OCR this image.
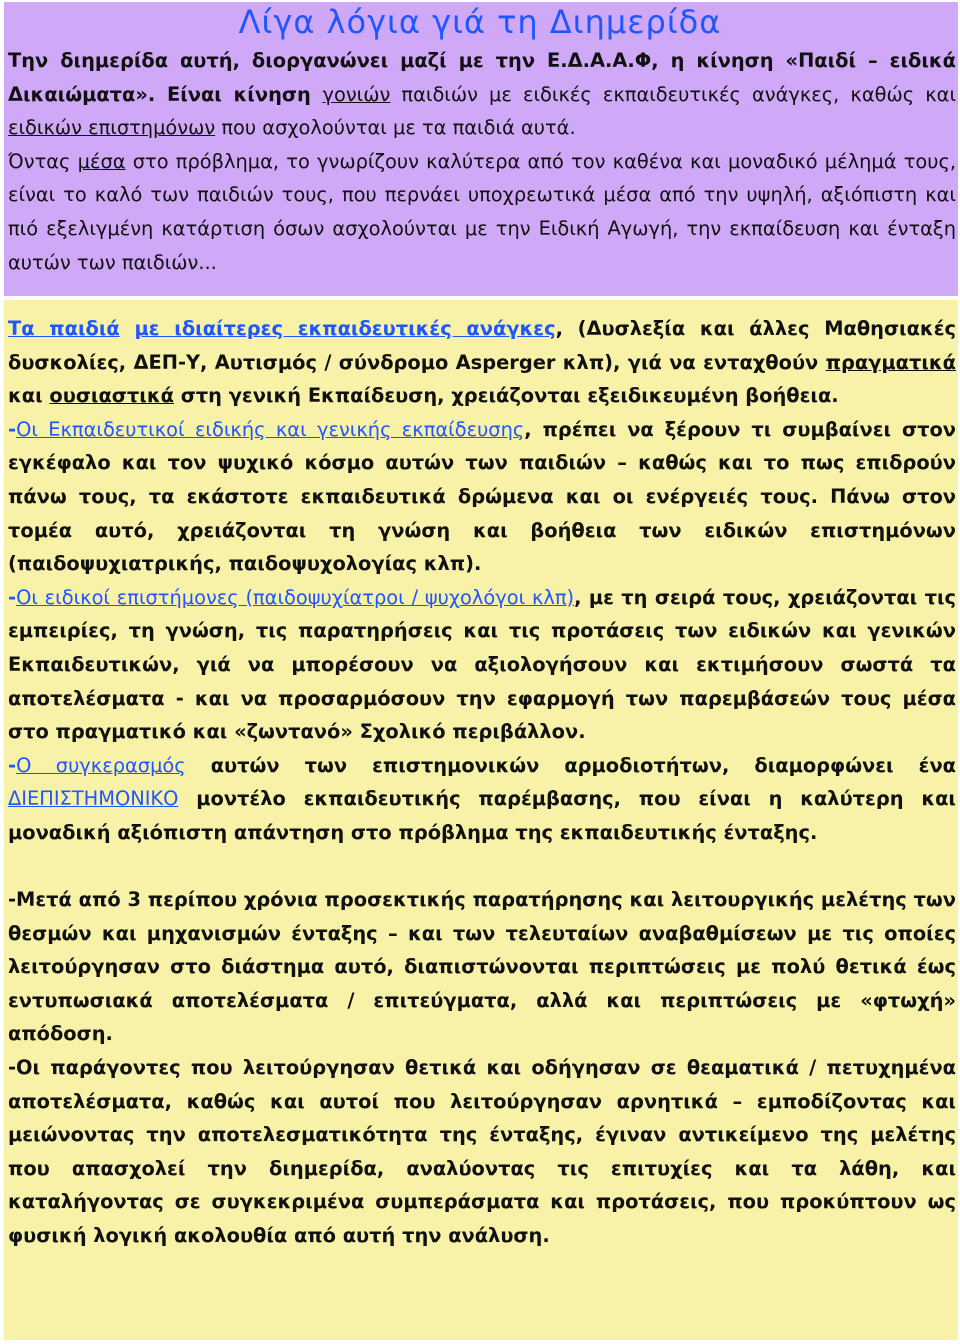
Λίγα λόγια γιά τη Διημερίδα

Την διημερίδα αυτή, διοργανώνει μαζί με την Ε.Δ.Α.Α.Φ, η κίνηση «Παιδί – ειδικά Δικαιώματα». Είναι κίνηση γονιών παιδιών με ειδικές εκπαιδευτικές ανάγκες, καθώς και ειδικών επιστημόνων που ασχολούνται με τα παιδιά αυτά.

Όντας μέσα στο πρόβλημα, το γνωρίζουν καλύτερα από τον καθένα και μοναδικό μέλημά τους, είναι το καλό των παιδιών τους, που περνάει υποχρεωτικά μέσα από την υψηλή, αξιόπιστη και πιό εξελιγμένη κατάρτιση όσων ασχολούνται με την Ειδική Αγωγή, την εκπαίδευση και ένταξη αυτών των παιδιών...

Τα παιδιά με ιδιαίτερες εκπαιδευτικές ανάγκες, (Δυσλεξία και άλλες Μαθησιακές δυσκολίες, ΔΕΠ-Υ, Αυτισμός / σύνδρομο Asperger κλπ), γιά να ενταχθούν πραγματικά και ουσιαστικά στη γενική Εκπαίδευση, χρειάζονται εξειδικευμένη βοήθεια.

-Οι Εκπαιδευτικοί ειδικής και γενικής εκπαίδευσης, πρέπει να ξέρουν τι συμβαίνει στον εγκέφαλο και τον ψυχικό κόσμο αυτών των παιδιών – καθώς και το πως επιδρούν πάνω τους, τα εκάστοτε εκπαιδευτικά δρώμενα και οι ενέργειές τους. Πάνω στον τομέα αυτό, χρειάζονται τη γνώση και βοήθεια των ειδικών επιστημόνων (παιδοψυχιατρικής, παιδοψυχολογίας κλπ).

-Οι ειδικοί επιστήμονες (παιδοψυχίατροι / ψυχολόγοι κλπ), με τη σειρά τους, χρειάζονται τις εμπειρίες, τη γνώση, τις παρατηρήσεις και τις προτάσεις των ειδικών και γενικών Εκπαιδευτικών, γιά να μπορέσουν να αξιολογήσουν και εκτιμήσουν σωστά τα αποτελέσματα - και να προσαρμόσουν την εφαρμογή των παρεμβάσεών τους μέσα στο πραγματικό και «ζωντανό» Σχολικό περιβάλλον.

-Ο συγκερασμός αυτών των επιστημονικών αρμοδιοτήτων, διαμορφώνει ένα ΔΙΕΠΙΣΤΗΜΟΝΙΚΟ μοντέλο εκπαιδευτικής παρέμβασης, που είναι η καλύτερη και μοναδική αξιόπιστη απάντηση στο πρόβλημα της εκπαιδευτικής ένταξης.

-Μετά από 3 περίπου χρόνια προσεκτικής παρατήρησης και λειτουργικής μελέτης των θεσμών και μηχανισμών ένταξης – και των τελευταίων αναβαθμίσεων με τις οποίες λειτούργησαν στο διάστημα αυτό, διαπιστώνονται περιπτώσεις με πολύ θετικά έως εντυπωσιακά αποτελέσματα / επιτεύγματα, αλλά και περιπτώσεις με «φτωχή» απόδοση.

-Οι παράγοντες που λειτούργησαν θετικά και οδήγησαν σε θεαματικά / πετυχημένα αποτελέσματα, καθώς και αυτοί που λειτούργησαν αρνητικά – εμποδίζοντας και μειώνοντας την αποτελεσματικότητα της ένταξης, έγιναν αντικείμενο της μελέτης που απασχολεί την διημερίδα, αναλύοντας τις επιτυχίες και τα λάθη, και καταλήγοντας σε συγκεκριμένα συμπεράσματα και προτάσεις, που προκύπτουν ως φυσική λογική ακολουθία από αυτή την ανάλυση.
